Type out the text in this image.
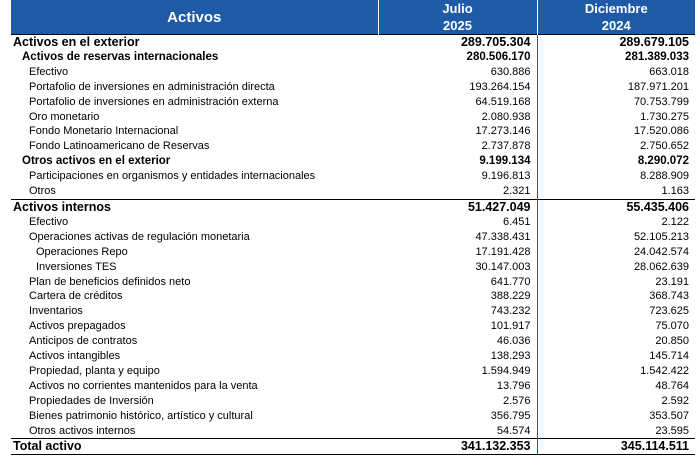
Activos	Julio	Diciembre
	2025	2024
Activos en el exterior	289.705.304	289.679.105
Activos de reservas internacionales	280.506.170	281.389.033
Efectivo	630.886	663.018
Portafolio de inversiones en administración directa	193.264.154	187.971.201
Portafolio de inversiones en administración externa	64.519.168	70.753.799
Oro monetario	2.080.938	1.730.275
Fondo Monetario Internacional	17.273.146	17.520.086
Fondo Latinoamericano de Reservas	2.737.878	2.750.652
Otros activos en el exterior	9.199.134	8.290.072
Participaciones en organismos y entidades internacionales	9.196.813	8.288.909
Otros	2.321	1.163
Activos internos	51.427.049	55.435.406
Efectivo	6.451	2.122
Operaciones activas de regulación monetaria	47.338.431	52.105.213
Operaciones Repo	17.191.428	24.042.574
Inversiones TES	30.147.003	28.062.639
Plan de beneficios definidos neto	641.770	23.191
Cartera de créditos	388.229	368.743
Inventarios	743.232	723.625
Activos prepagados	101.917	75.070
Anticipos de contratos	46.036	20.850
Activos intangibles	138.293	145.714
Propiedad, planta y equipo	1.594.949	1.542.422
Activos no corrientes mantenidos para la venta	13.796	48.764
Propiedades de Inversión	2.576	2.592
Bienes patrimonio histórico, artístico y cultural	356.795	353.507
Otros activos internos	54.574	23.595
Total activo	341.132.353	345.114.511
